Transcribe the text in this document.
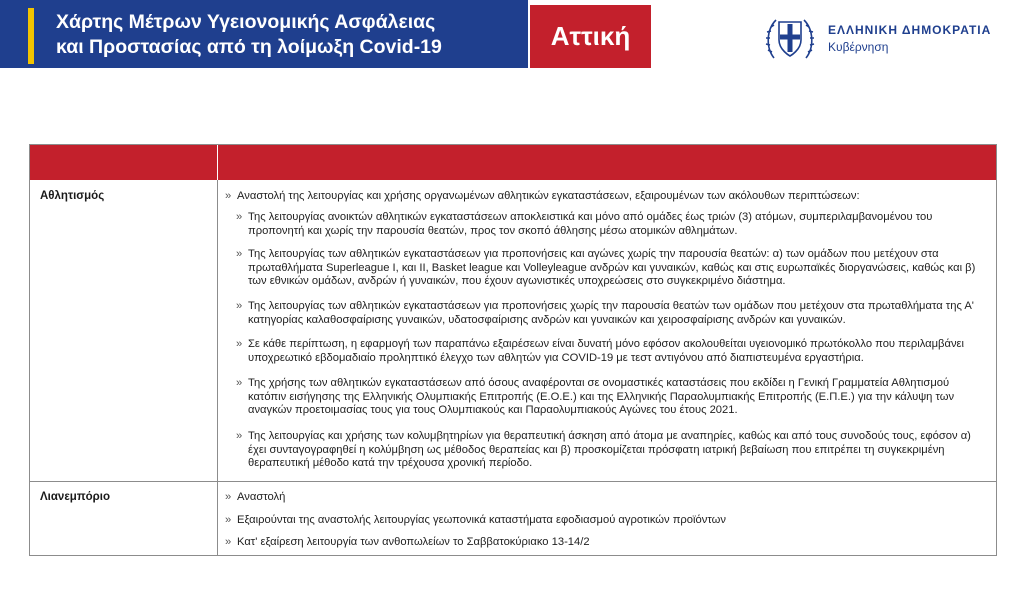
Χάρτης Μέτρων Υγειονομικής Ασφάλειας
και Προστασίας από τη λοίμωξη Covid-19	Αττική	ΕΛΛΗΝΙΚΗ ΔΗΜΟΚΡΑΤΙΑ
Κυβέρνηση
Αθλητισμός	» Αναστολή της λειτουργίας και χρήσης οργανωμένων αθλητικών εγκαταστάσεων, εξαιρουμένων των ακόλουθων περιπτώσεων:
» Της λειτουργίας ανοικτών αθλητικών εγκαταστάσεων αποκλειστικά και μόνο από ομάδες έως τριών (3) ατόμων, συμπεριλαμβανομένου του προπονητή και χωρίς την παρουσία θεατών, προς τον σκοπό άθλησης μέσω ατομικών αθλημάτων.
» Της λειτουργίας των αθλητικών εγκαταστάσεων για προπονήσεις και αγώνες χωρίς την παρουσία θεατών: α) των ομάδων που μετέχουν στα πρωταθλήματα Superleague I, και II, Basket league και Volleyleague ανδρών και γυναικών, καθώς και στις ευρωπαϊκές διοργανώσεις, καθώς και β) των εθνικών ομάδων, ανδρών ή γυναικών, που έχουν αγωνιστικές υποχρεώσεις στο συγκεκριμένο διάστημα.
» Της λειτουργίας των αθλητικών εγκαταστάσεων για προπονήσεις χωρίς την παρουσία θεατών των ομάδων που μετέχουν στα πρωταθλήματα της Α' κατηγορίας καλαθοσφαίρισης γυναικών, υδατοσφαίρισης ανδρών και γυναικών και χειροσφαίρισης ανδρών και γυναικών.
» Σε κάθε περίπτωση, η εφαρμογή των παραπάνω εξαιρέσεων είναι δυνατή μόνο εφόσον ακολουθείται υγειονομικό πρωτόκολλο που περιλαμβάνει υποχρεωτικό εβδομαδιαίο προληπτικό έλεγχο των αθλητών για COVID-19 με τεστ αντιγόνου από διαπιστευμένα εργαστήρια.
» Της χρήσης των αθλητικών εγκαταστάσεων από όσους αναφέρονται σε ονομαστικές καταστάσεις που εκδίδει η Γενική Γραμματεία Αθλητισμού κατόπιν εισήγησης της Ελληνικής Ολυμπιακής Επιτροπής (Ε.Ο.Ε.) και της Ελληνικής Παραολυμπιακής Επιτροπής (Ε.Π.Ε.) για την κάλυψη των αναγκών προετοιμασίας τους για τους Ολυμπιακούς και Παραολυμπιακούς Αγώνες του έτους 2021.
» Της λειτουργίας και χρήσης των κολυμβητηρίων για θεραπευτική άσκηση από άτομα με αναπηρίες, καθώς και από τους συνοδούς τους, εφόσον α) έχει συνταγογραφηθεί η κολύμβηση ως μέθοδος θεραπείας και β) προσκομίζεται πρόσφατη ιατρική βεβαίωση που επιτρέπει τη συγκεκριμένη θεραπευτική μέθοδο κατά την τρέχουσα χρονική περίοδο.
Λιανεμπόριο	» Αναστολή
» Εξαιρούνται της αναστολής λειτουργίας γεωπονικά καταστήματα εφοδιασμού αγροτικών προϊόντων
» Κατ' εξαίρεση λειτουργία των ανθοπωλείων το Σαββατοκύριακο 13-14/2
